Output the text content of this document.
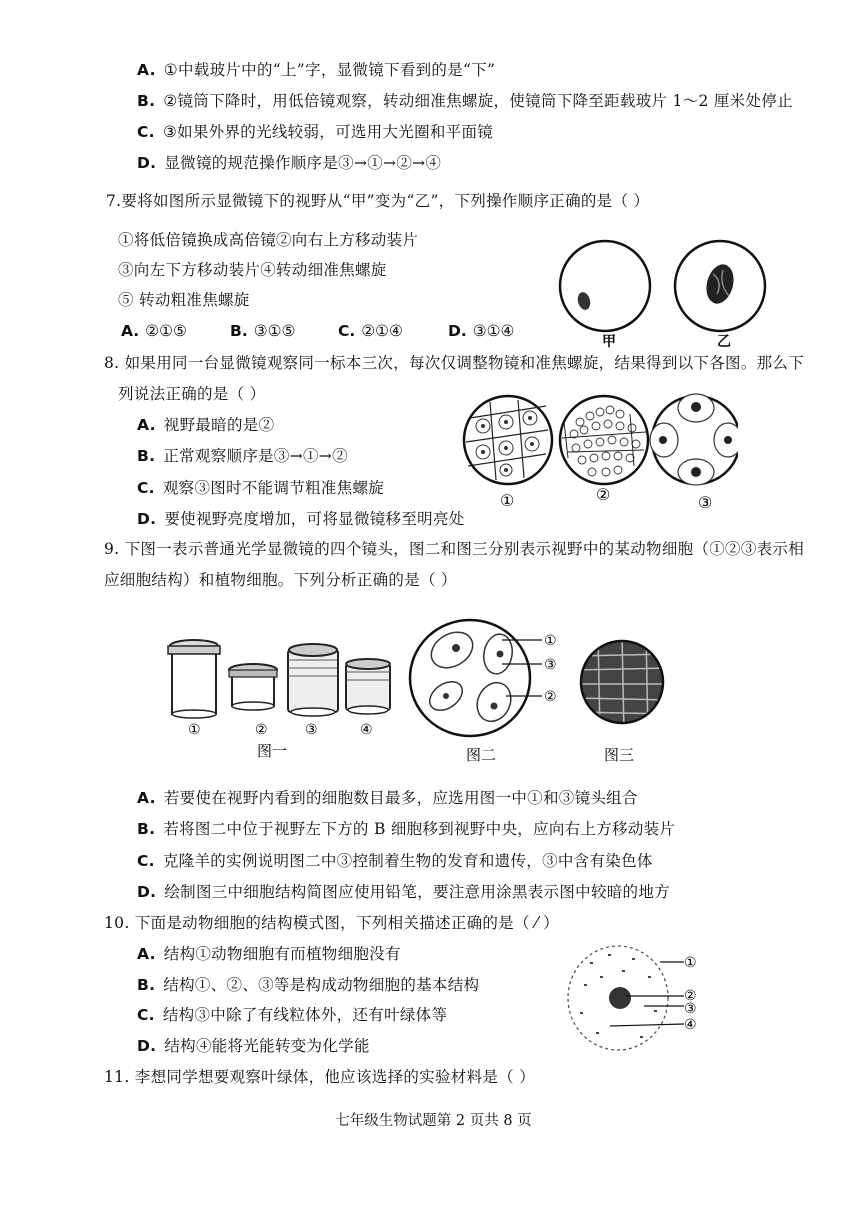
A. ①中载玻片中的“上”字，显微镜下看到的是“下”
B. ②镜筒下降时，用低倍镜观察，转动细准焦螺旋，使镜筒下降至距载玻片 1～2 厘米处停止
C. ③如果外界的光线较弱，可选用大光圈和平面镜
D. 显微镜的规范操作顺序是③→①→②→④
7.要将如图所示显微镜下的视野从“甲”变为“乙”，下列操作顺序正确的是（ ）
①将低倍镜换成高倍镜②向右上方移动装片
③向左下方移动装片④转动细准焦螺旋
⑤ 转动粗准焦螺旋
A. ②①⑤	B. ③①⑤	C. ②①④	D. ③①④
甲	乙
8. 如果用同一台显微镜观察同一标本三次，每次仅调整物镜和准焦螺旋，结果得到以下各图。那么下
列说法正确的是（ ）
A. 视野最暗的是②
B. 正常观察顺序是③→①→②
C. 观察③图时不能调节粗准焦螺旋
D. 要使视野亮度增加，可将显微镜移至明亮处
①	②	③
9. 下图一表示普通光学显微镜的四个镜头，图二和图三分别表示视野中的某动物细胞（①②③表示相
应细胞结构）和植物细胞。下列分析正确的是（ ）
①	②	③	④
图一
①
③
②
图二	图三
A. 若要使在视野内看到的细胞数目最多，应选用图一中①和③镜头组合
B. 若将图二中位于视野左下方的 B 细胞移到视野中央，应向右上方移动装片
C. 克隆羊的实例说明图二中③控制着生物的发育和遗传，③中含有染色体
D. 绘制图三中细胞结构简图应使用铅笔，要注意用涂黑表示图中较暗的地方
10. 下面是动物细胞的结构模式图，下列相关描述正确的是（ ⁄ ）
A. 结构①动物细胞有而植物细胞没有
B. 结构①、②、③等是构成动物细胞的基本结构
C. 结构③中除了有线粒体外，还有叶绿体等
D. 结构④能将光能转变为化学能
①
②
③
④
11. 李想同学想要观察叶绿体，他应该选择的实验材料是（ ）
七年级生物试题第 2 页共 8 页
